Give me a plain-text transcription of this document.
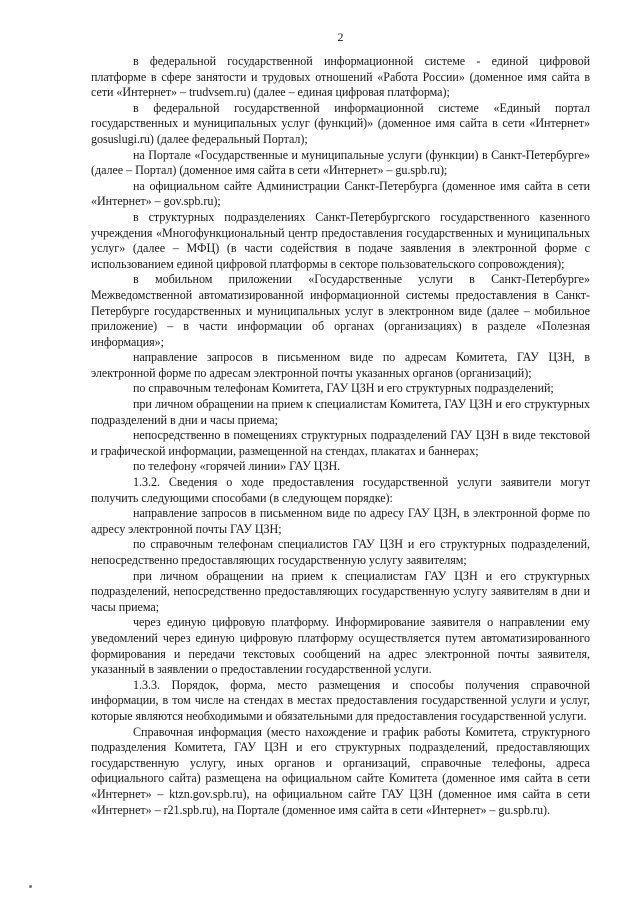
2

в федеральной государственной информационной системе - единой цифровой платформе в сфере занятости и трудовых отношений «Работа России» (доменное имя сайта в сети «Интернет» – trudvsem.ru) (далее – единая цифровая платформа);

в федеральной государственной информационной системе «Единый портал государственных и муниципальных услуг (функций)» (доменное имя сайта в сети «Интернет» gosuslugi.ru) (далее федеральный Портал);

на Портале «Государственные и муниципальные услуги (функции) в Санкт-Петербурге» (далее – Портал) (доменное имя сайта в сети «Интернет» – gu.spb.ru);

на официальном сайте Администрации Санкт-Петербурга (доменное имя сайта в сети «Интернет» – gov.spb.ru);

в структурных подразделениях Санкт-Петербургского государственного казенного учреждения «Многофункциональный центр предоставления государственных и муниципальных услуг» (далее – МФЦ) (в части содействия в подаче заявления в электронной форме с использованием единой цифровой платформы в секторе пользовательского сопровождения);

в мобильном приложении «Государственные услуги в Санкт-Петербурге» Межведомственной автоматизированной информационной системы предоставления в Санкт-Петербурге государственных и муниципальных услуг в электронном виде (далее – мобильное приложение) – в части информации об органах (организациях) в разделе «Полезная информация»;

направление запросов в письменном виде по адресам Комитета, ГАУ ЦЗН, в электронной форме по адресам электронной почты указанных органов (организаций);

по справочным телефонам Комитета, ГАУ ЦЗН и его структурных подразделений;

при личном обращении на прием к специалистам Комитета, ГАУ ЦЗН и его структурных подразделений в дни и часы приема;

непосредственно в помещениях структурных подразделений ГАУ ЦЗН в виде текстовой и графической информации, размещенной на стендах, плакатах и баннерах;

по телефону «горячей линии» ГАУ ЦЗН.

1.3.2. Сведения о ходе предоставления государственной услуги заявители могут получить следующими способами (в следующем порядке):

направление запросов в письменном виде по адресу ГАУ ЦЗН, в электронной форме по адресу электронной почты ГАУ ЦЗН;

по справочным телефонам специалистов ГАУ ЦЗН и его структурных подразделений, непосредственно предоставляющих государственную услугу заявителям;

при личном обращении на прием к специалистам ГАУ ЦЗН и его структурных подразделений, непосредственно предоставляющих государственную услугу заявителям в дни и часы приема;

через единую цифровую платформу. Информирование заявителя о направлении ему уведомлений через единую цифровую платформу осуществляется путем автоматизированного формирования и передачи текстовых сообщений на адрес электронной почты заявителя, указанный в заявлении о предоставлении государственной услуги.

1.3.3. Порядок, форма, место размещения и способы получения справочной информации, в том числе на стендах в местах предоставления государственной услуги и услуг, которые являются необходимыми и обязательными для предоставления государственной услуги.

Справочная информация (место нахождение и график работы Комитета, структурного подразделения Комитета, ГАУ ЦЗН и его структурных подразделений, предоставляющих государственную услугу, иных органов и организаций, справочные телефоны, адреса официального сайта) размещена на официальном сайте Комитета (доменное имя сайта в сети «Интернет» – ktzn.gov.spb.ru), на официальном сайте ГАУ ЦЗН (доменное имя сайта в сети «Интернет» – r21.spb.ru), на Портале (доменное имя сайта в сети «Интернет» – gu.spb.ru).
